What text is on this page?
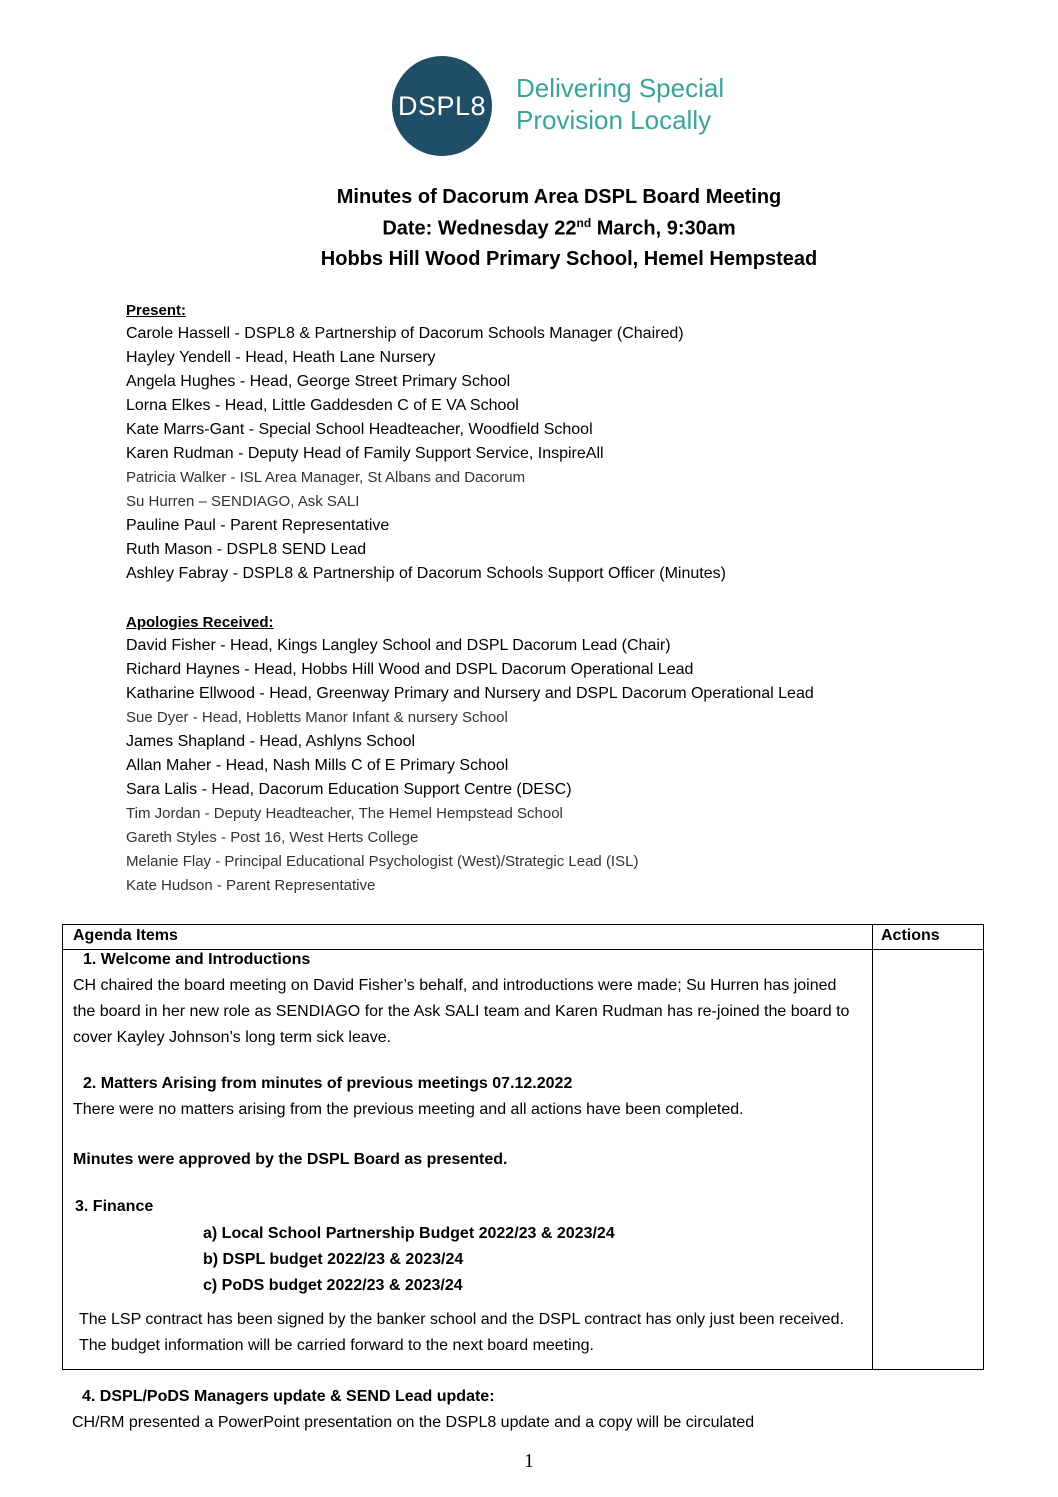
DSPL8
Delivering Special
Provision Locally
Minutes of Dacorum Area DSPL Board Meeting
Date: Wednesday 22nd March, 9:30am
Hobbs Hill Wood Primary School, Hemel Hempstead
Present:
Carole Hassell - DSPL8 & Partnership of Dacorum Schools Manager (Chaired)
Hayley Yendell - Head, Heath Lane Nursery
Angela Hughes - Head, George Street Primary School
Lorna Elkes - Head, Little Gaddesden C of E VA School
Kate Marrs-Gant - Special School Headteacher, Woodfield School
Karen Rudman - Deputy Head of Family Support Service, InspireAll
Patricia Walker - ISL Area Manager, St Albans and Dacorum
Su Hurren – SENDIAGO, Ask SALI
Pauline Paul - Parent Representative
Ruth Mason - DSPL8 SEND Lead
Ashley Fabray - DSPL8 & Partnership of Dacorum Schools Support Officer (Minutes)
Apologies Received:
David Fisher - Head, Kings Langley School and DSPL Dacorum Lead (Chair)
Richard Haynes - Head, Hobbs Hill Wood and DSPL Dacorum Operational Lead
Katharine Ellwood - Head, Greenway Primary and Nursery and DSPL Dacorum Operational Lead
Sue Dyer - Head, Hobletts Manor Infant & nursery School
James Shapland - Head, Ashlyns School
Allan Maher - Head, Nash Mills C of E Primary School
Sara Lalis - Head, Dacorum Education Support Centre (DESC)
Tim Jordan - Deputy Headteacher, The Hemel Hempstead School
Gareth Styles - Post 16, West Herts College
Melanie Flay - Principal Educational Psychologist (West)/Strategic Lead (ISL)
Kate Hudson - Parent Representative
Agenda Items	Actions
1. Welcome and Introductions
CH chaired the board meeting on David Fisher’s behalf, and introductions were made; Su Hurren has joined the board in her new role as SENDIAGO for the Ask SALI team and Karen Rudman has re-joined the board to cover Kayley Johnson’s long term sick leave.
2. Matters Arising from minutes of previous meetings 07.12.2022
There were no matters arising from the previous meeting and all actions have been completed.
Minutes were approved by the DSPL Board as presented.
3. Finance
a) Local School Partnership Budget 2022/23 & 2023/24
b) DSPL budget 2022/23 & 2023/24
c) PoDS budget 2022/23 & 2023/24
The LSP contract has been signed by the banker school and the DSPL contract has only just been received. The budget information will be carried forward to the next board meeting.
4. DSPL/PoDS Managers update & SEND Lead update:
CH/RM presented a PowerPoint presentation on the DSPL8 update and a copy will be circulated
1
